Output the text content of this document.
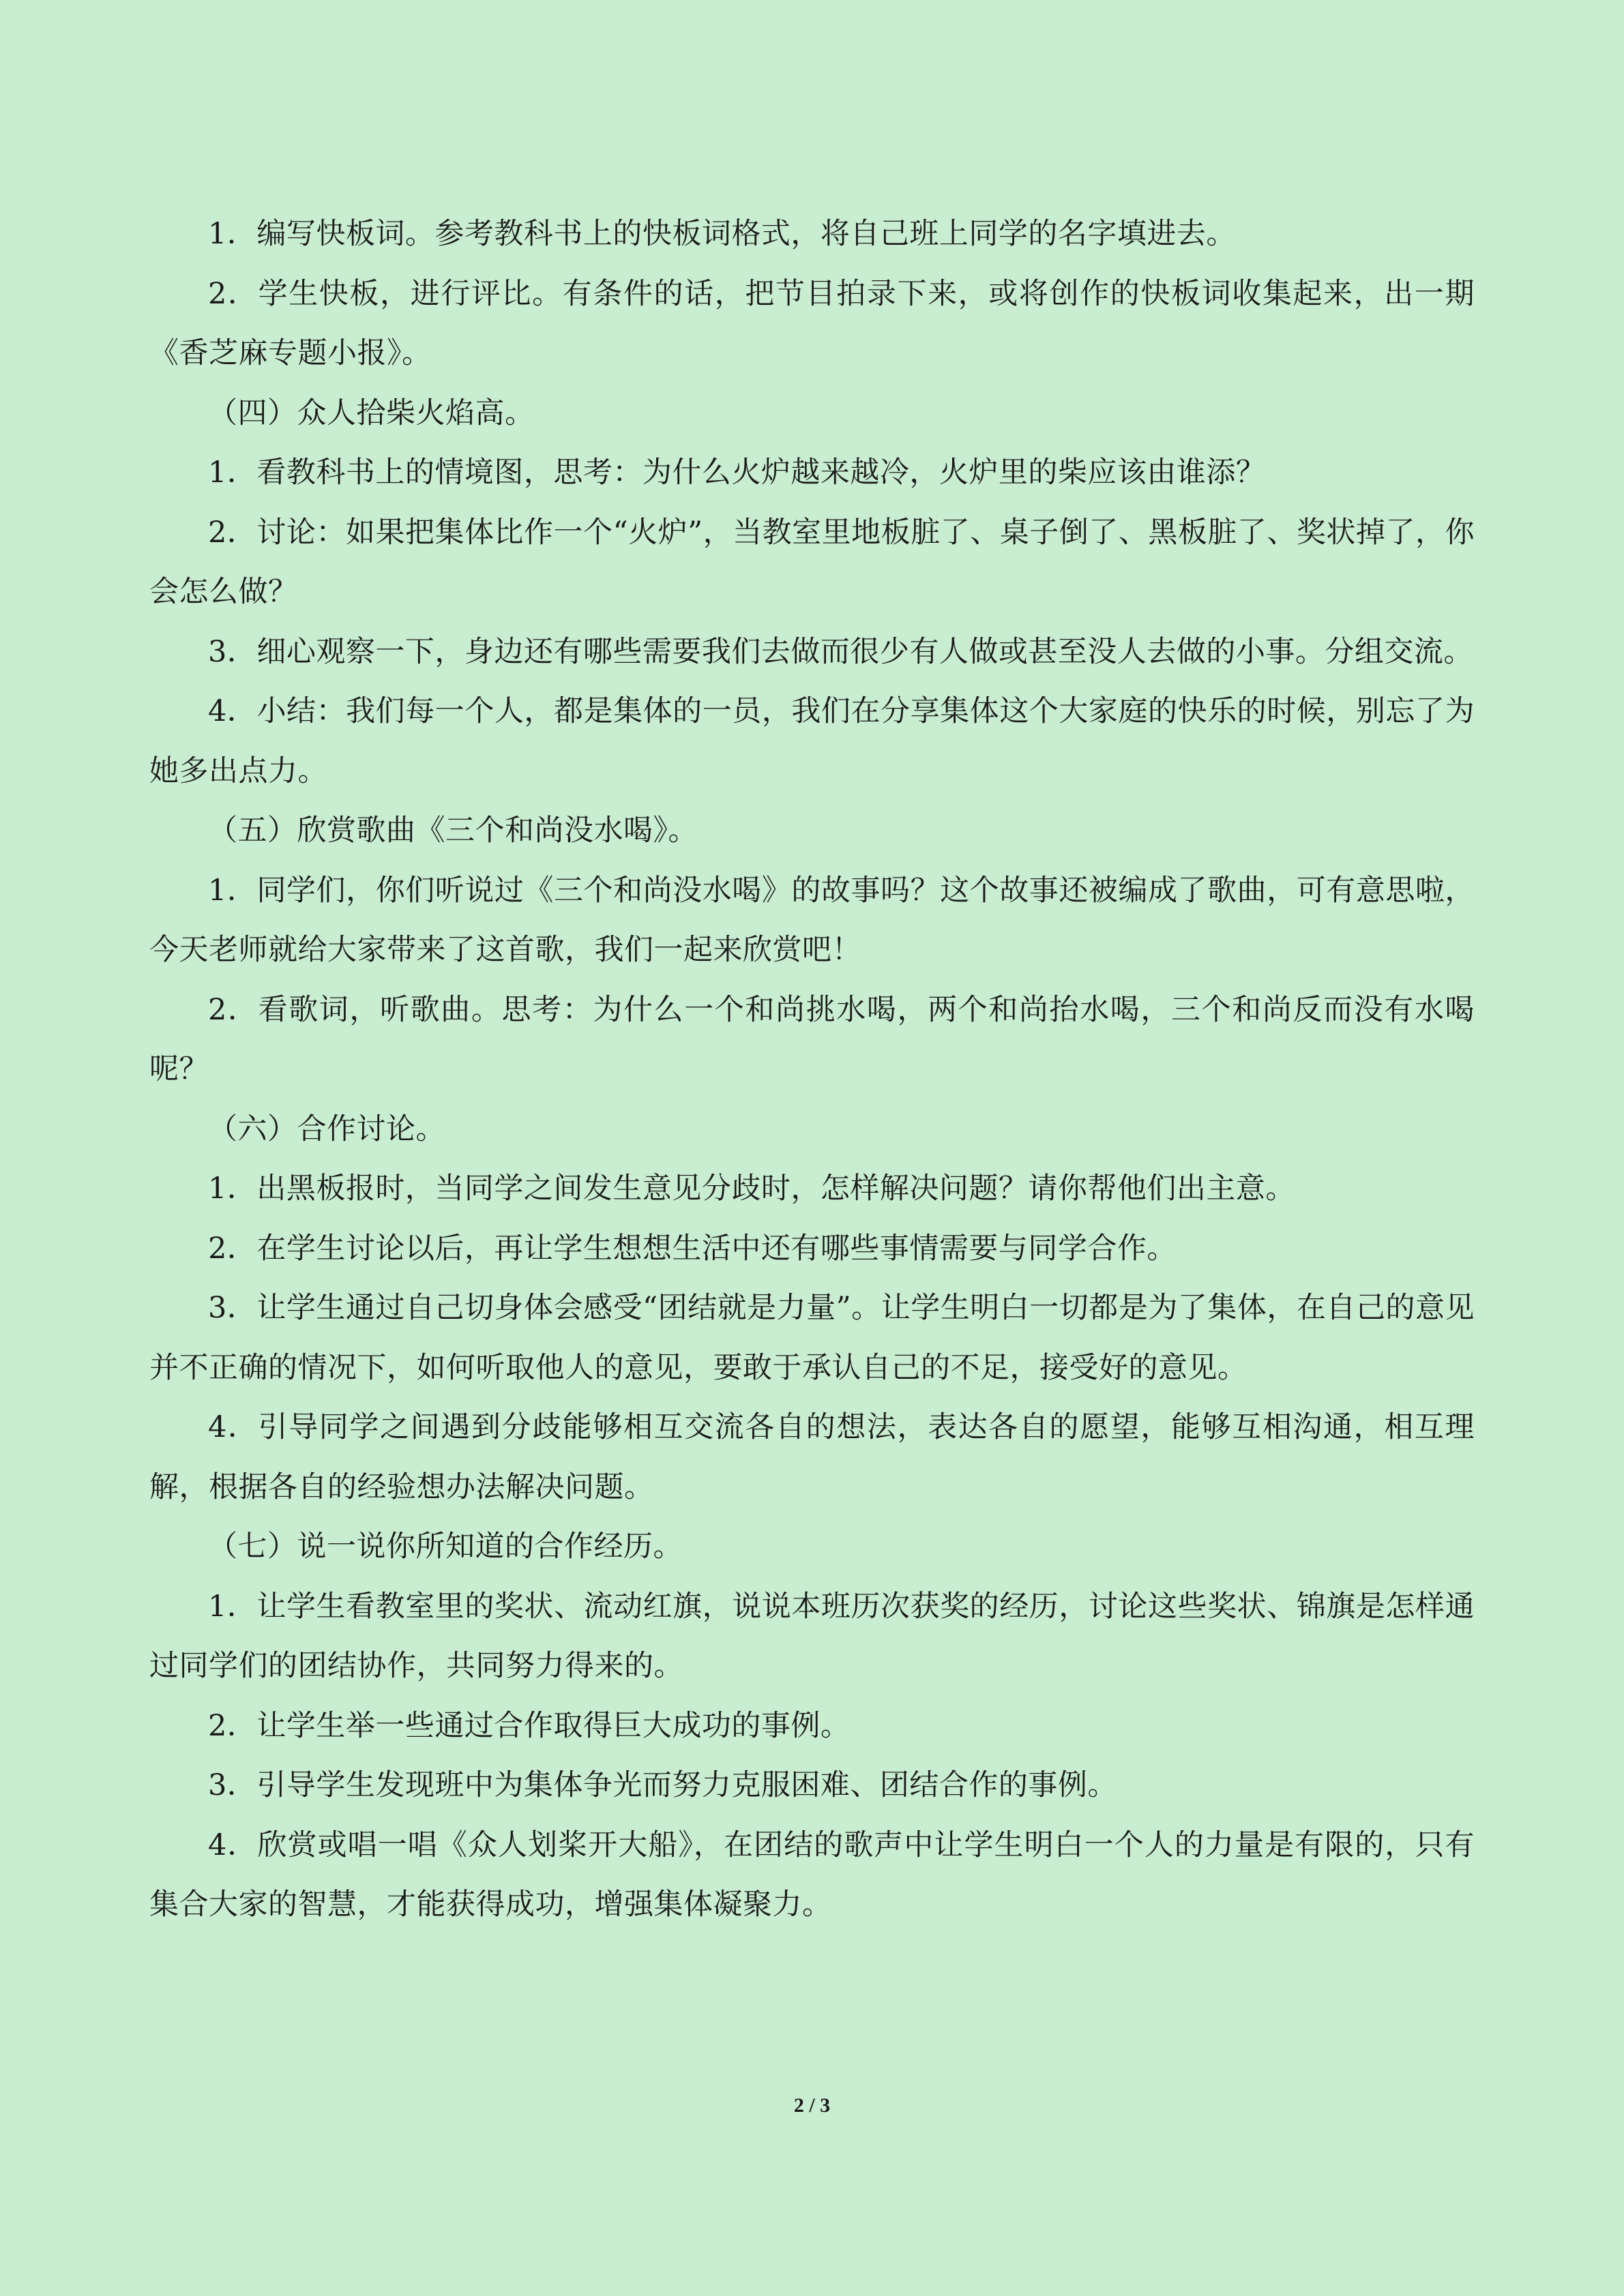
1．编写快板词。参考教科书上的快板词格式，将自己班上同学的名字填进去。

2．学生快板，进行评比。有条件的话，把节目拍录下来，或将创作的快板词收集起来，出一期《香芝麻专题小报》。

（四）众人拾柴火焰高。

1．看教科书上的情境图，思考：为什么火炉越来越冷，火炉里的柴应该由谁添？

2．讨论：如果把集体比作一个“火炉”，当教室里地板脏了、桌子倒了、黑板脏了、奖状掉了，你会怎么做？

3．细心观察一下，身边还有哪些需要我们去做而很少有人做或甚至没人去做的小事。分组交流。

4．小结：我们每一个人，都是集体的一员，我们在分享集体这个大家庭的快乐的时候，别忘了为她多出点力。

（五）欣赏歌曲《三个和尚没水喝》。

1．同学们，你们听说过《三个和尚没水喝》的故事吗？这个故事还被编成了歌曲，可有意思啦，今天老师就给大家带来了这首歌，我们一起来欣赏吧！

2．看歌词，听歌曲。思考：为什么一个和尚挑水喝，两个和尚抬水喝，三个和尚反而没有水喝呢？

（六）合作讨论。

1．出黑板报时，当同学之间发生意见分歧时，怎样解决问题？请你帮他们出主意。

2．在学生讨论以后，再让学生想想生活中还有哪些事情需要与同学合作。

3．让学生通过自己切身体会感受“团结就是力量”。让学生明白一切都是为了集体，在自己的意见并不正确的情况下，如何听取他人的意见，要敢于承认自己的不足，接受好的意见。

4．引导同学之间遇到分歧能够相互交流各自的想法，表达各自的愿望，能够互相沟通，相互理解，根据各自的经验想办法解决问题。

（七）说一说你所知道的合作经历。

1．让学生看教室里的奖状、流动红旗，说说本班历次获奖的经历，讨论这些奖状、锦旗是怎样通过同学们的团结协作，共同努力得来的。

2．让学生举一些通过合作取得巨大成功的事例。

3．引导学生发现班中为集体争光而努力克服困难、团结合作的事例。

4．欣赏或唱一唱《众人划桨开大船》，在团结的歌声中让学生明白一个人的力量是有限的，只有集合大家的智慧，才能获得成功，增强集体凝聚力。

2 / 3
